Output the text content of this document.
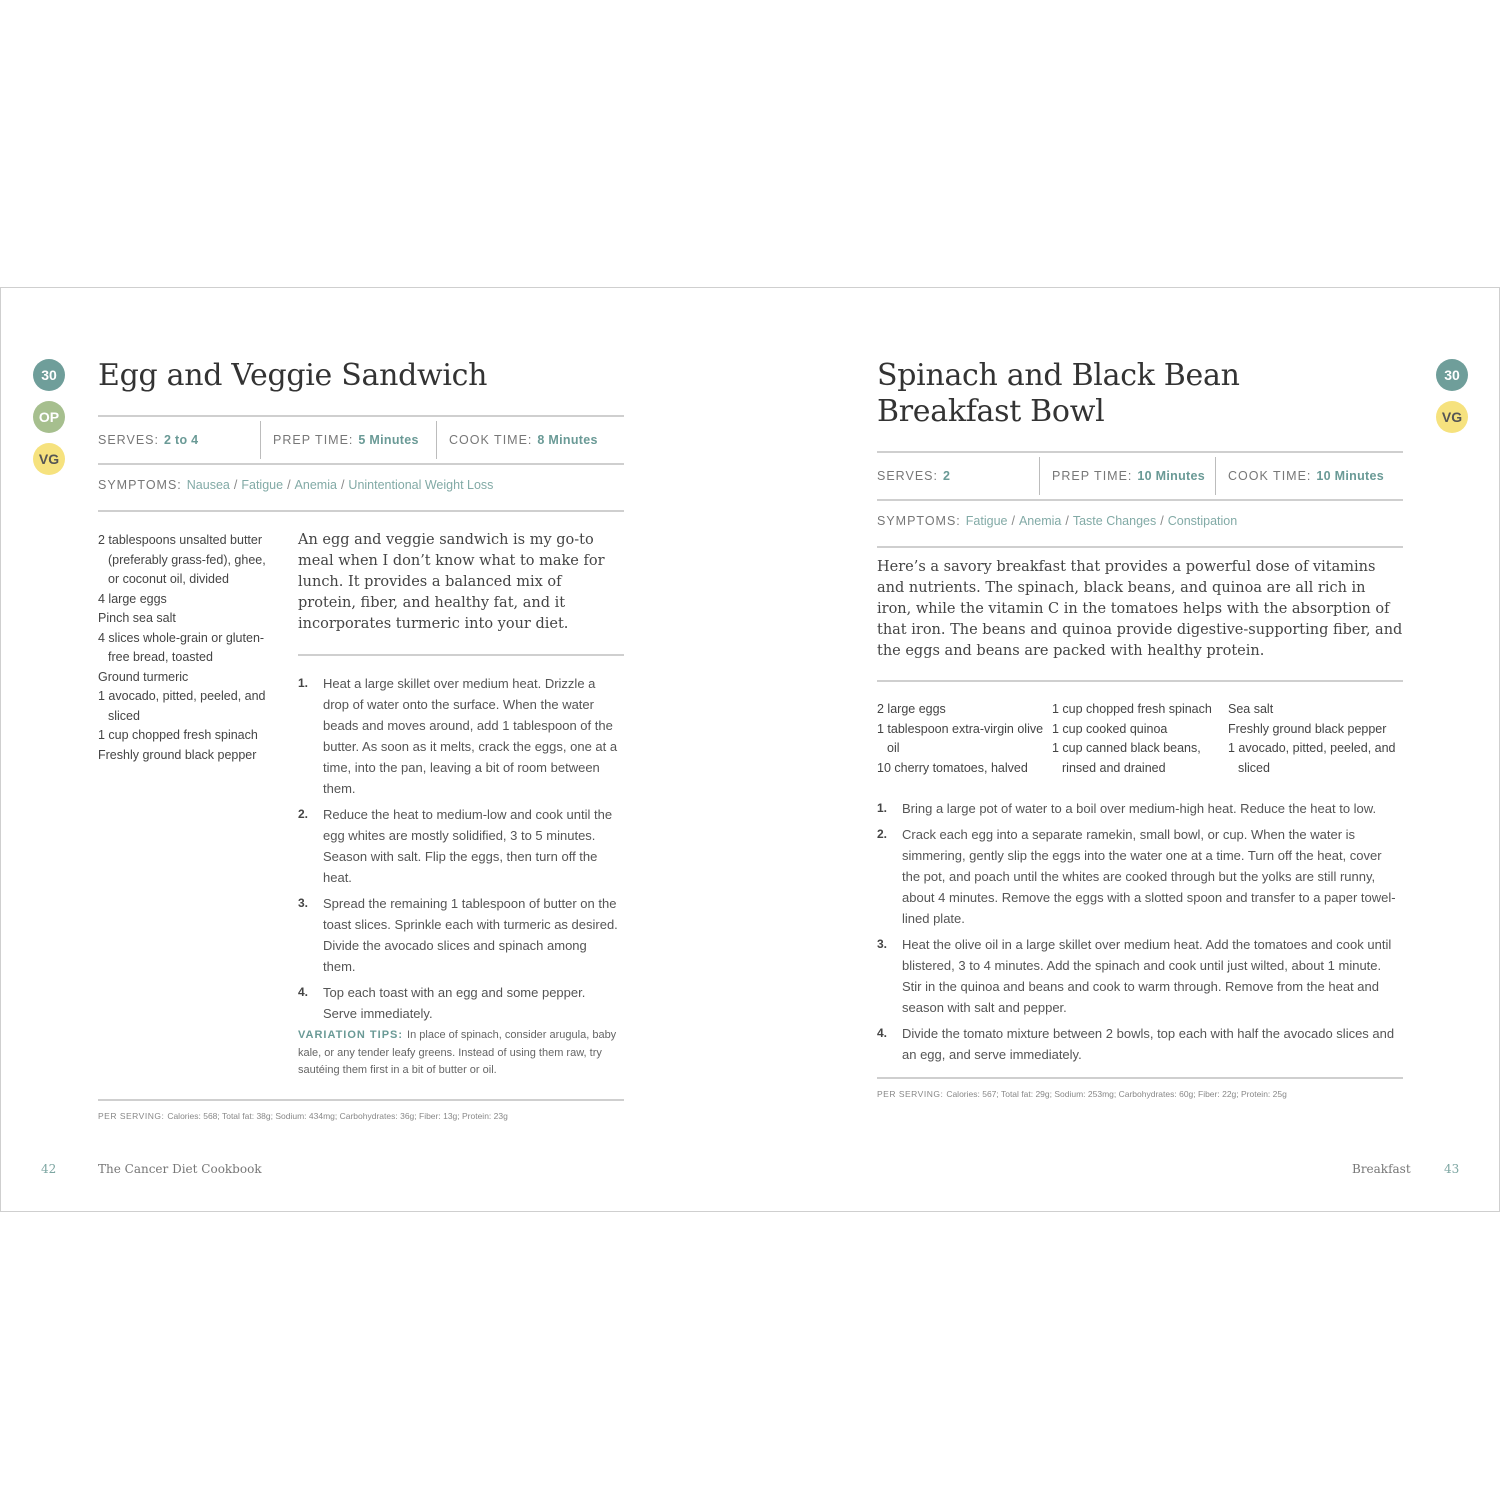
30
OP
VG
Egg and Veggie Sandwich
SERVES: 2 to 4	PREP TIME: 5 Minutes COOK TIME: 8 Minutes
SYMPTOMS: Nausea / Fatigue / Anemia / Unintentional Weight Loss
2 tablespoons unsalted butter (preferably grass-fed), ghee, or coconut oil, divided
4 large eggs
Pinch sea salt
4 slices whole-grain or gluten-free bread, toasted
Ground turmeric
1 avocado, pitted, peeled, and sliced
1 cup chopped fresh spinach
Freshly ground black pepper

An egg and veggie sandwich is my go-to meal when I don’t know what to make for lunch. It provides a balanced mix of protein, fiber, and healthy fat, and it incorporates turmeric into your diet.

1. Heat a large skillet over medium heat. Drizzle a drop of water onto the surface. When the water beads and moves around, add 1 tablespoon of the butter. As soon as it melts, crack the eggs, one at a time, into the pan, leaving a bit of room between them.
2. Reduce the heat to medium-low and cook until the egg whites are mostly solidified, 3 to 5 minutes. Season with salt. Flip the eggs, then turn off the heat.
3. Spread the remaining 1 tablespoon of butter on the toast slices. Sprinkle each with turmeric as desired. Divide the avocado slices and spinach among them.
4. Top each toast with an egg and some pepper. Serve immediately.

VARIATION TIPS: In place of spinach, consider arugula, baby kale, or any tender leafy greens. Instead of using them raw, try sautéing them first in a bit of butter or oil.

PER SERVING: Calories: 568; Total fat: 38g; Sodium: 434mg; Carbohydrates: 36g; Fiber: 13g; Protein: 23g
42	The Cancer Diet Cookbook
30
VG
Spinach and Black Bean
Breakfast Bowl
SERVES: 2	PREP TIME: 10 Minutes COOK TIME: 10 Minutes
SYMPTOMS: Fatigue / Anemia / Taste Changes / Constipation

Here’s a savory breakfast that provides a powerful dose of vitamins and nutrients. The spinach, black beans, and quinoa are all rich in iron, while the vitamin C in the tomatoes helps with the absorption of that iron. The beans and quinoa provide digestive-supporting fiber, and the eggs and beans are packed with healthy protein.

2 large eggs
1 tablespoon extra-virgin olive oil
10 cherry tomatoes, halved
1 cup chopped fresh spinach
1 cup cooked quinoa
1 cup canned black beans, rinsed and drained
Sea salt
Freshly ground black pepper
1 avocado, pitted, peeled, and sliced
1. Bring a large pot of water to a boil over medium-high heat. Reduce the heat to low.
2. Crack each egg into a separate ramekin, small bowl, or cup. When the water is simmering, gently slip the eggs into the water one at a time. Turn off the heat, cover the pot, and poach until the whites are cooked through but the yolks are still runny, about 4 minutes. Remove the eggs with a slotted spoon and transfer to a paper towel-lined plate.
3. Heat the olive oil in a large skillet over medium heat. Add the tomatoes and cook until blistered, 3 to 4 minutes. Add the spinach and cook until just wilted, about 1 minute. Stir in the quinoa and beans and cook to warm through. Remove from the heat and season with salt and pepper.
4. Divide the tomato mixture between 2 bowls, top each with half the avocado slices and an egg, and serve immediately.
PER SERVING: Calories: 567; Total fat: 29g; Sodium: 253mg; Carbohydrates: 60g; Fiber: 22g; Protein: 25g
Breakfast	43
